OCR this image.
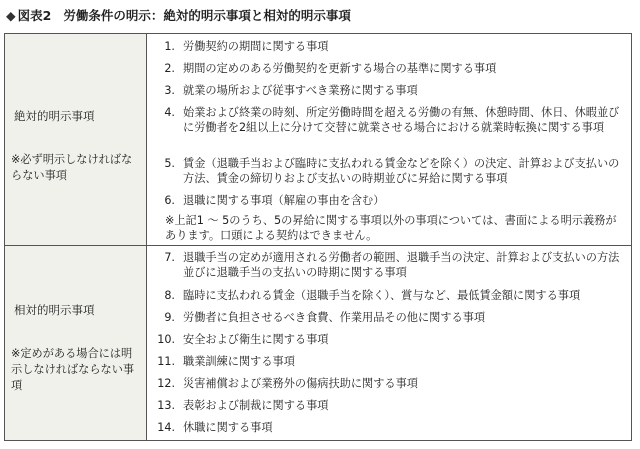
◆ 図表2 労働条件の明示：絶対的明示事項と相対的明示事項
絶対的明示事項
※必ず明示しなければならない事項
1. 労働契約の期間に関する事項
2. 期間の定めのある労働契約を更新する場合の基準に関する事項
3. 就業の場所および従事すべき業務に関する事項
4. 始業および終業の時刻、所定労働時間を超える労働の有無、休憩時間、休日、休暇並びに労働者を2組以上に分けて交替に就業させる場合における就業時転換に関する事項
5. 賃金（退職手当および臨時に支払われる賃金などを除く）の決定、計算および支払いの方法、賃金の締切りおよび支払いの時期並びに昇給に関する事項
6. 退職に関する事項（解雇の事由を含む）
※上記1 ～ 5のうち、5の昇給に関する事項以外の事項については、書面による明示義務があります。口頭による契約はできません。
相対的明示事項
※定めがある場合には明示しなければならない事項
7. 退職手当の定めが適用される労働者の範囲、退職手当の決定、計算および支払いの方法並びに退職手当の支払いの時期に関する事項
8. 臨時に支払われる賃金（退職手当を除く）、賞与など、最低賃金額に関する事項
9. 労働者に負担させるべき食費、作業用品その他に関する事項
10. 安全および衛生に関する事項
11. 職業訓練に関する事項
12. 災害補償および業務外の傷病扶助に関する事項
13. 表彰および制裁に関する事項
14. 休職に関する事項
